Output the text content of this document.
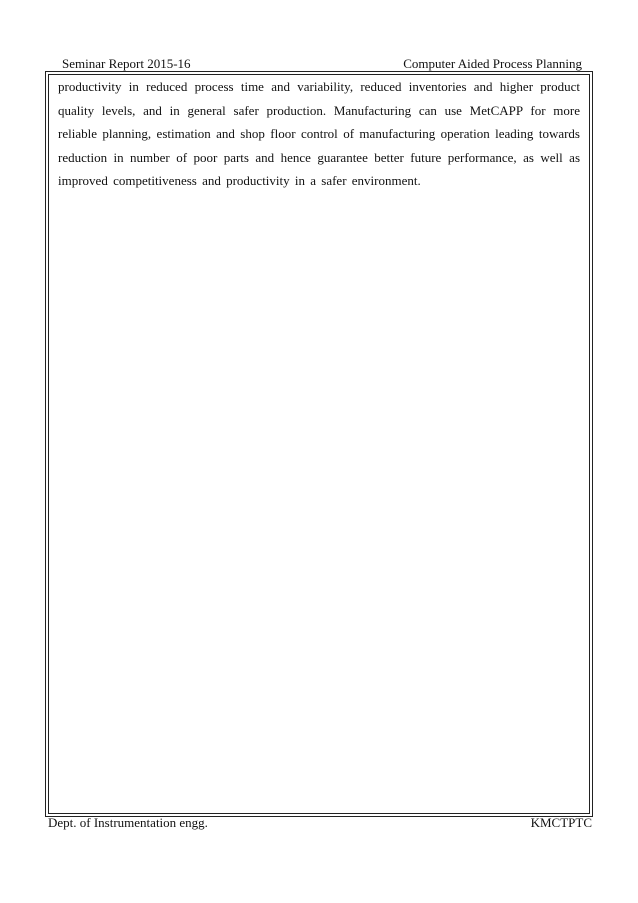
Seminar Report 2015-16	Computer Aided Process Planning
productivity in reduced process time and variability, reduced inventories and higher product quality levels, and in general safer production. Manufacturing can use MetCAPP for more reliable planning, estimation and shop floor control of manufacturing operation leading towards reduction in number of poor parts and hence guarantee better future performance, as well as improved competitiveness and productivity in a safer environment.
Dept. of Instrumentation engg.	KMCTPTC
